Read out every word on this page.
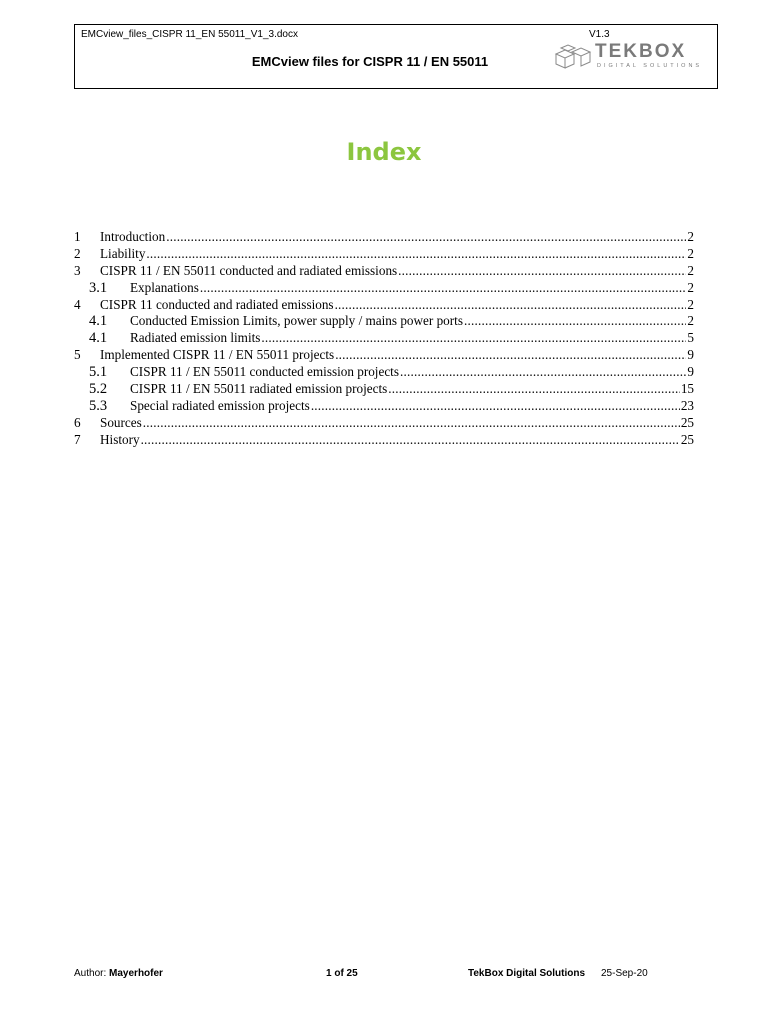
EMCview_files_CISPR 11_EN 55011_V1_3.docx	V1.3
EMCview files for CISPR 11 / EN 55011	TEKBOX
DIGITAL SOLUTIONS
Index
1	Introduction .....	2
2	Liability .....	2
3	CISPR 11 / EN 55011 conducted and radiated emissions .....	2
3.1	Explanations .....	2
4	CISPR 11 conducted and radiated emissions .....	2
4.1	Conducted Emission Limits, power supply / mains power ports .....	2
4.1	Radiated emission limits .....	5
5	Implemented CISPR 11 / EN 55011 projects .....	9
5.1	CISPR 11 / EN 55011 conducted emission projects .....	9
5.2	CISPR 11 / EN 55011 radiated emission projects .....	15
5.3	Special radiated emission projects .....	23
6	Sources .....	25
7	History .....	25
Author: Mayerhofer	1 of 25	TekBox Digital Solutions 25-Sep-20
